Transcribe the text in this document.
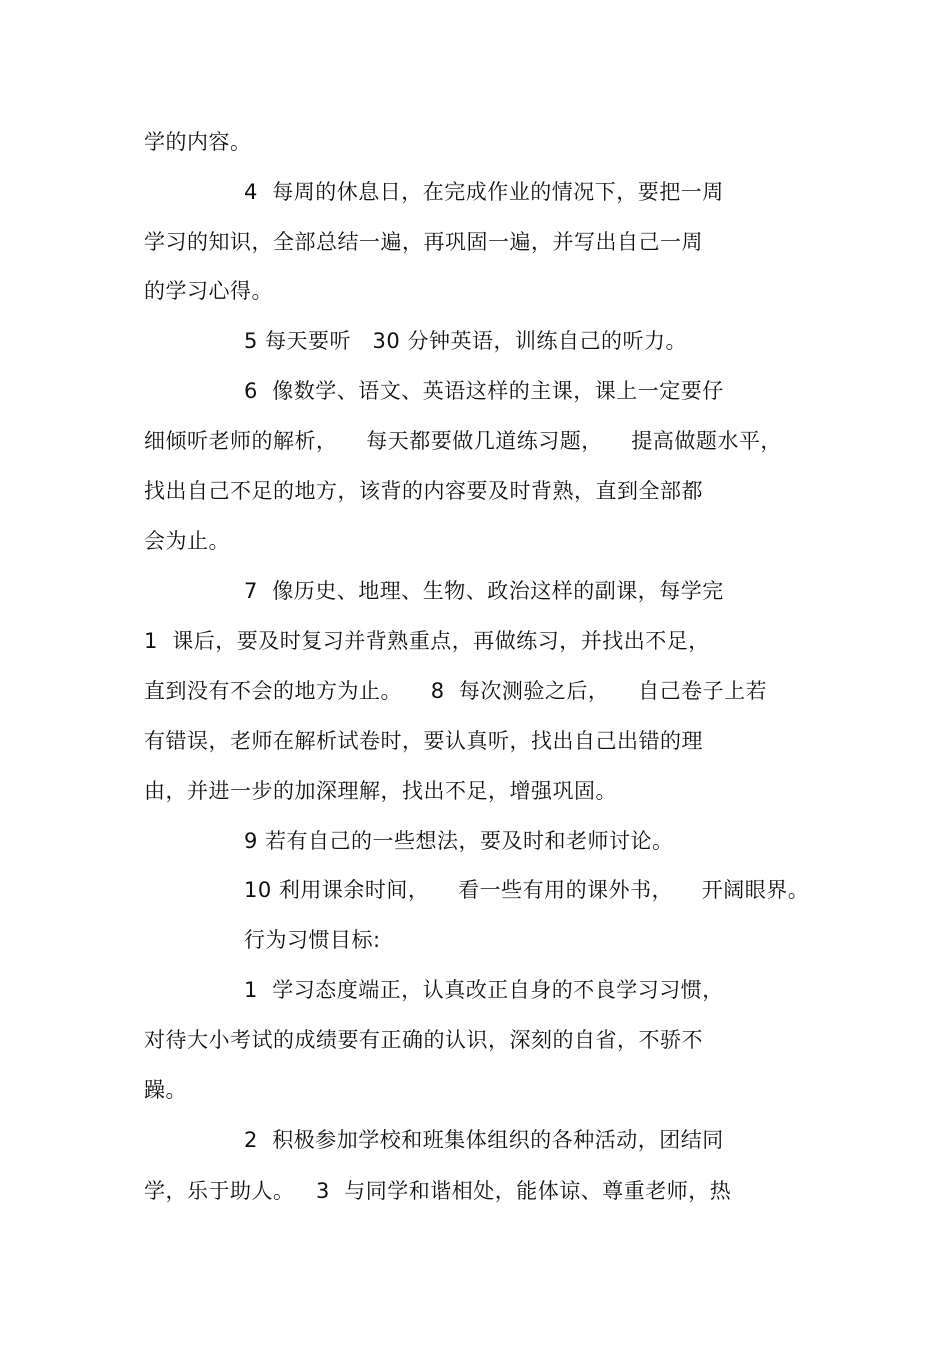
学的内容。
4  每周的休息日，在完成作业的情况下，要把一周
学习的知识，全部总结一遍，再巩固一遍，并写出自己一周
的学习心得。
5 每天要听   30 分钟英语，训练自己的听力。
6  像数学、语文、英语这样的主课，课上一定要仔
细倾听老师的解析，    每天都要做几道练习题，    提高做题水平，
找出自己不足的地方，该背的内容要及时背熟，直到全部都
会为止。
7  像历史、地理、生物、政治这样的副课，每学完
1  课后，要及时复习并背熟重点，再做练习，并找出不足，
直到没有不会的地方为止。    8  每次测验之后，    自己卷子上若
有错误，老师在解析试卷时，要认真听，找出自己出错的理
由，并进一步的加深理解，找出不足，增强巩固。
9 若有自己的一些想法，要及时和老师讨论。
10 利用课余时间，    看一些有用的课外书，    开阔眼界。
行为习惯目标:
1  学习态度端正，认真改正自身的不良学习习惯，
对待大小考试的成绩要有正确的认识，深刻的自省，不骄不
躁。
2  积极参加学校和班集体组织的各种活动，团结同
学，乐于助人。   3  与同学和谐相处，能体谅、尊重老师，热
